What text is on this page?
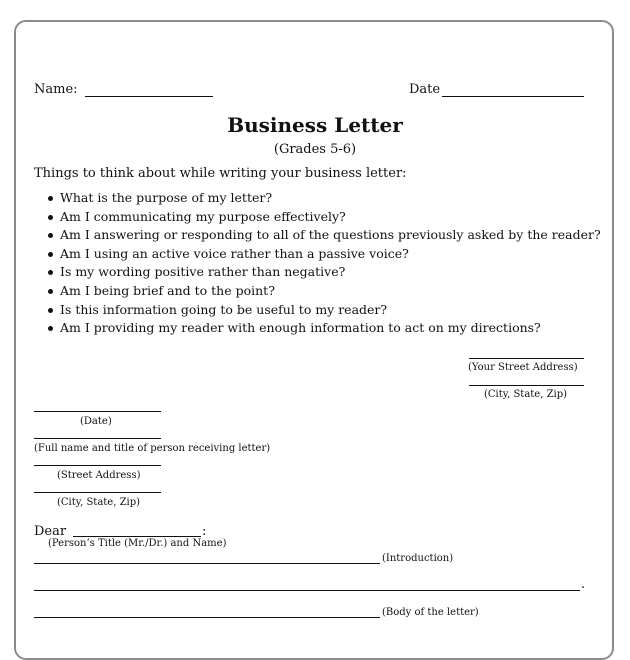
Name:	Date
Business Letter
(Grades 5-6)
Things to think about while writing your business letter:
What is the purpose of my letter?
Am I communicating my purpose effectively?
Am I answering or responding to all of the questions previously asked by the reader?
Am I using an active voice rather than a passive voice?
Is my wording positive rather than negative?
Am I being brief and to the point?
Is this information going to be useful to my reader?
Am I providing my reader with enough information to act on my directions?
(Your Street Address)
(City, State, Zip)
(Date)
(Full name and title of person receiving letter)
(Street Address)
(City, State, Zip)
Dear	:
(Person’s Title (Mr./Dr.) and Name)
(Introduction)
.
(Body of the letter)
